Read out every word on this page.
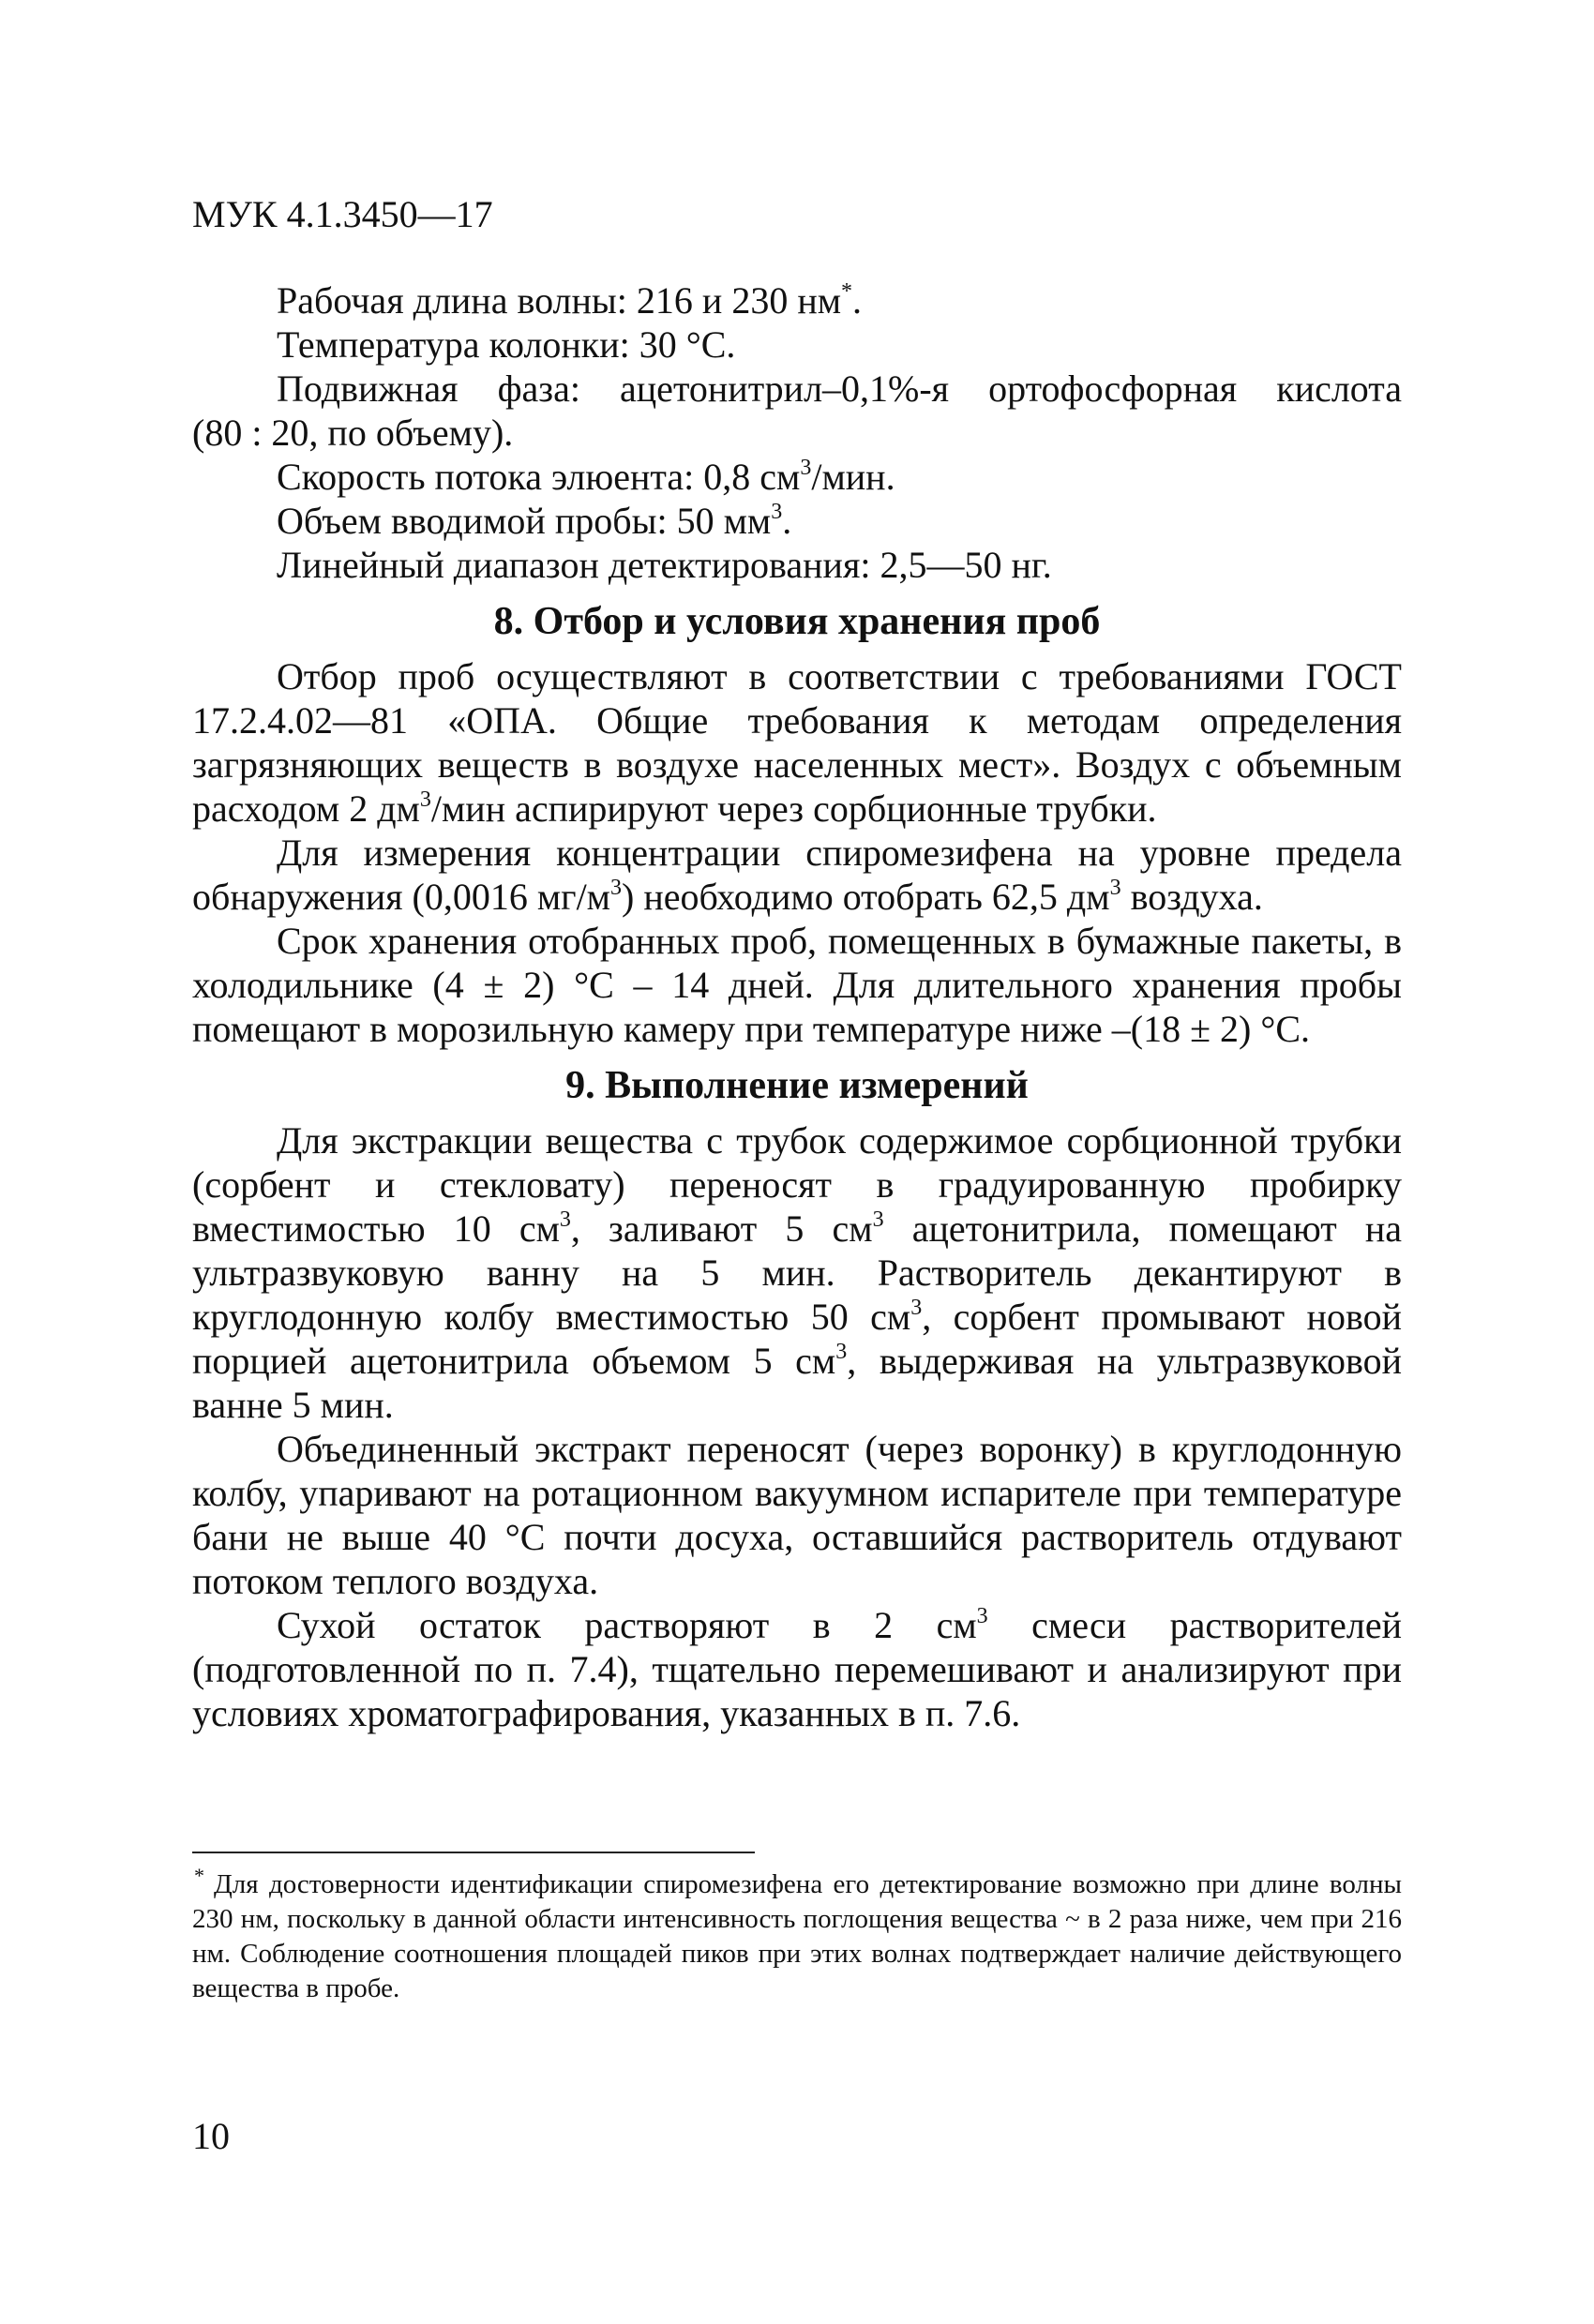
МУК 4.1.3450—17

Рабочая длина волны: 216 и 230 нм*.

Температура колонки: 30 °С.

Подвижная фаза: ацетонитрил–0,1%-я ортофосфорная кислота

(80 : 20, по объему).

Скорость потока элюента: 0,8 $см^3$/мин.

Объем вводимой пробы: 50 $мм^3$.

Линейный диапазон детектирования: 2,5—50 нг.

8. Отбор и условия хранения проб

Отбор проб осуществляют в соответствии с требованиями ГОСТ 17.2.4.02—81 «ОПА. Общие требования к методам определения загрязняющих веществ в воздухе населенных мест». Воздух с объемным расходом 2 $дм^3$/мин аспирируют через сорбционные трубки.

Для измерения концентрации спиромезифена на уровне предела обнаружения (0,0016 $мг/м^3$) необходимо отобрать 62,5 $дм^3$ воздуха.

Срок хранения отобранных проб, помещенных в бумажные пакеты, в холодильнике (4 ± 2) °С – 14 дней. Для длительного хранения пробы помещают в морозильную камеру при температуре ниже –(18 ± 2) °С.

9. Выполнение измерений

Для экстракции вещества с трубок содержимое сорбционной трубки (сорбент и стекловату) переносят в градуированную пробирку вместимостью 10 $см^3$, заливают 5 $см^3$ ацетонитрила, помещают на ультразвуковую ванну на 5 мин. Растворитель декантируют в круглодонную колбу вместимостью 50 $см^3$, сорбент промывают новой порцией ацетонитрила объемом 5 $см^3$, выдерживая на ультразвуковой ванне 5 мин.

Объединенный экстракт переносят (через воронку) в круглодонную колбу, упаривают на ротационном вакуумном испарителе при температуре бани не выше 40 °С почти досуха, оставшийся растворитель отдувают потоком теплого воздуха.

Сухой остаток растворяют в 2 $см^3$ смеси растворителей (подготовленной по п. 7.4), тщательно перемешивают и анализируют при условиях хроматографирования, указанных в п. 7.6.

* Для достоверности идентификации спиромезифена его детектирование возможно при длине волны 230 нм, поскольку в данной области интенсивность поглощения вещества ~ в 2 раза ниже, чем при 216 нм. Соблюдение соотношения площадей пиков при этих волнах подтверждает наличие действующего вещества в пробе.
10
